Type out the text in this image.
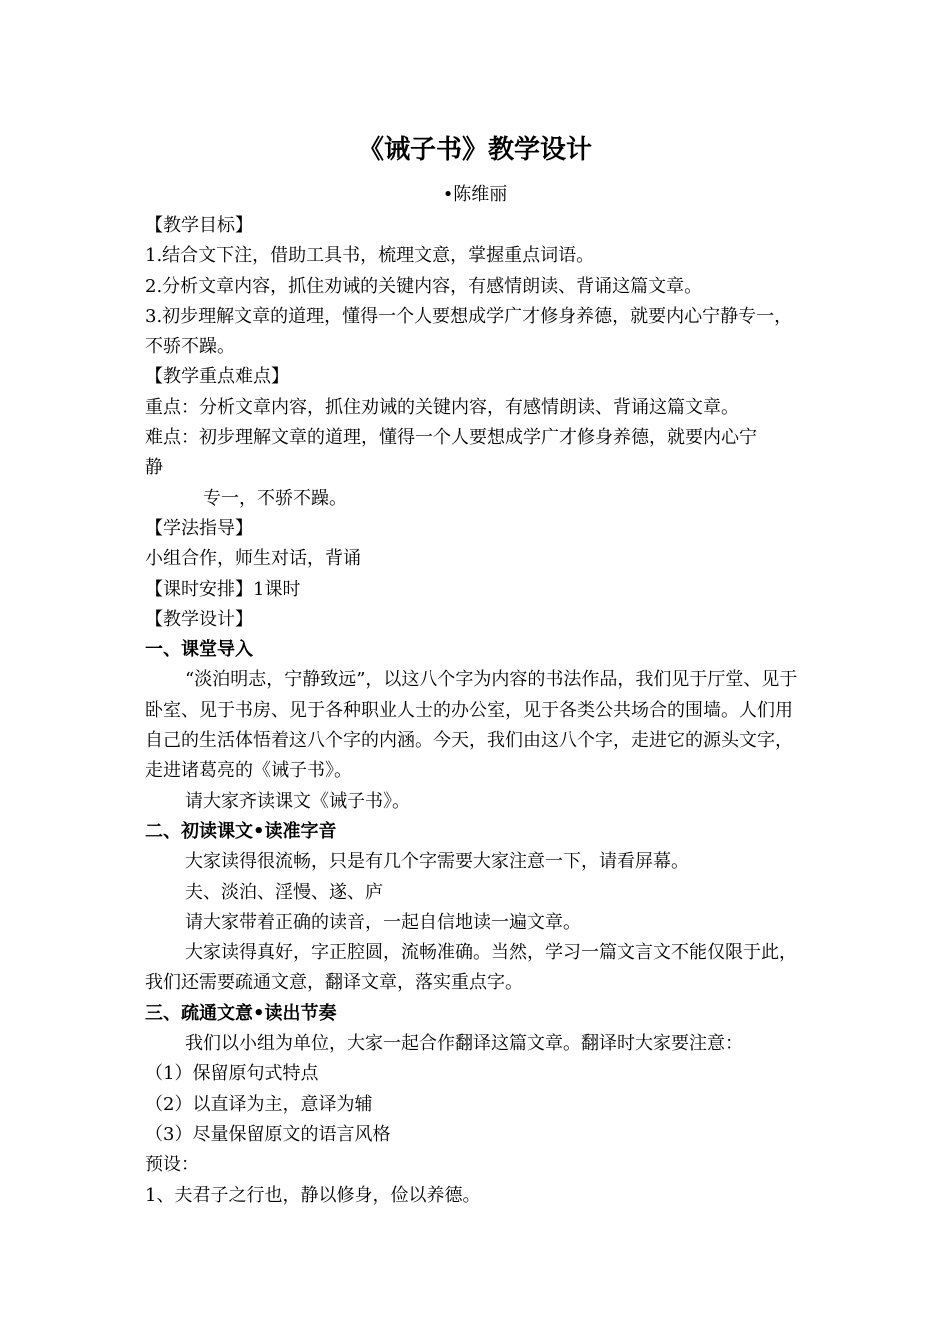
《诫子书》教学设计
•陈维丽

【教学目标】

1.结合文下注，借助工具书，梳理文意，掌握重点词语。

2.分析文章内容，抓住劝诫的关键内容，有感情朗读、背诵这篇文章。

3.初步理解文章的道理，懂得一个人要想成学广才修身养德，就要内心宁静专一，不骄不躁。

【教学重点难点】

重点：分析文章内容，抓住劝诫的关键内容，有感情朗读、背诵这篇文章。

难点：初步理解文章的道理，懂得一个人要想成学广才修身养德，就要内心宁

静

专一，不骄不躁。

【学法指导】

小组合作，师生对话，背诵

【课时安排】1课时

【教学设计】

一、课堂导入

“淡泊明志，宁静致远”，以这八个字为内容的书法作品，我们见于厅堂、见于卧室、见于书房、见于各种职业人士的办公室，见于各类公共场合的围墙。人们用自己的生活体悟着这八个字的内涵。今天，我们由这八个字，走进它的源头文字，走进诸葛亮的《诫子书》。

请大家齐读课文《诫子书》。

二、初读课文•读准字音

大家读得很流畅，只是有几个字需要大家注意一下，请看屏幕。

夫、淡泊、淫慢、遂、庐

请大家带着正确的读音，一起自信地读一遍文章。

大家读得真好，字正腔圆，流畅准确。当然，学习一篇文言文不能仅限于此，我们还需要疏通文意，翻译文章，落实重点字。

三、疏通文意•读出节奏

我们以小组为单位，大家一起合作翻译这篇文章。翻译时大家要注意：

（1）保留原句式特点

（2）以直译为主，意译为辅

（3）尽量保留原文的语言风格

预设：

1、夫君子之行也，静以修身，俭以养德。
